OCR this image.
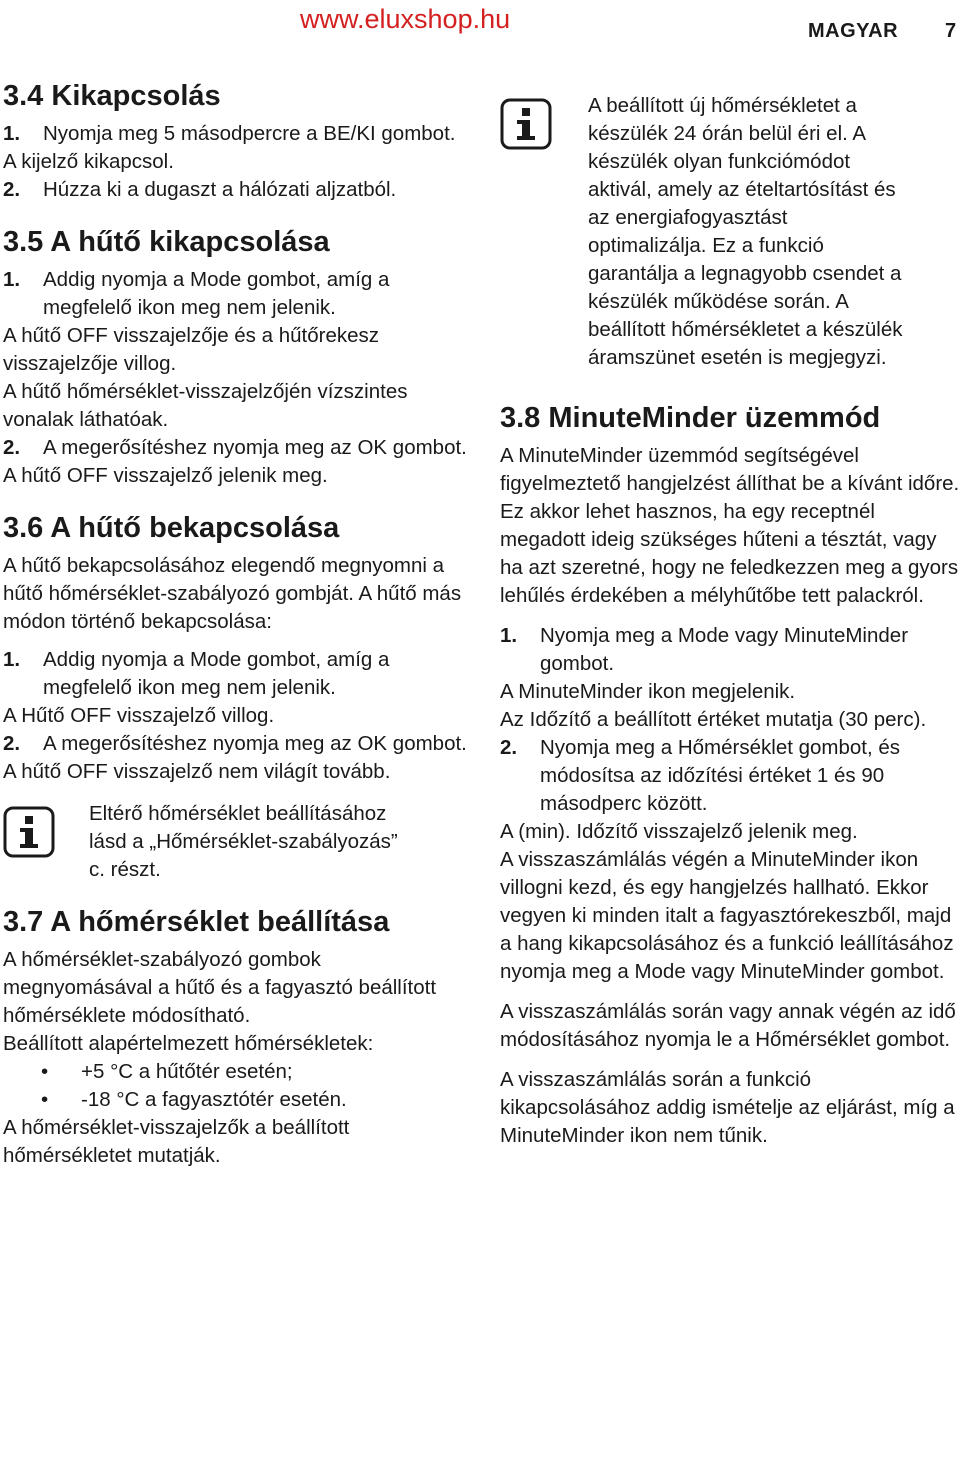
www.eluxshop.hu	MAGYAR 7
3.4 Kikapcsolás
1.	Nyomja meg 5 másodpercre a BE/KI gombot.

A kijelző kikapcsol.

2.	Húzza ki a dugaszt a hálózati aljzatból.
3.5 A hűtő kikapcsolása
1.	Addig nyomja a Mode gombot, amíg a megfelelő ikon meg nem jelenik.

A hűtő OFF visszajelzője és a hűtőrekesz visszajelzője villog.

A hűtő hőmérséklet-visszajelzőjén vízszintes vonalak láthatóak.

2.	A megerősítéshez nyomja meg az OK gombot.

A hűtő OFF visszajelző jelenik meg.

3.6 A hűtő bekapcsolása

A hűtő bekapcsolásához elegendő megnyomni a hűtő hőmérséklet-szabályozó gombját. A hűtő más módon történő bekapcsolása:

1.	Addig nyomja a Mode gombot, amíg a megfelelő ikon meg nem jelenik.

A Hűtő OFF visszajelző villog.

2.	A megerősítéshez nyomja meg az OK gombot.

A hűtő OFF visszajelző nem világít tovább.

Eltérő hőmérséklet beállításához lásd a „Hőmérséklet-szabályozás” c. részt.
3.7 A hőmérséklet beállítása

A hőmérséklet-szabályozó gombok megnyomásával a hűtő és a fagyasztó beállított hőmérséklete módosítható.

Beállított alapértelmezett hőmérsékletek:

•	+5 °C a hűtőtér esetén;
•	-18 °C a fagyasztótér esetén.

A hőmérséklet-visszajelzők a beállított hőmérsékletet mutatják.

A beállított új hőmérsékletet a készülék 24 órán belül éri el. A készülék olyan funkciómódot aktivál, amely az ételtartósítást és az energiafogyasztást optimalizálja. Ez a funkció garantálja a legnagyobb csendet a készülék működése során. A beállított hőmérsékletet a készülék áramszünet esetén is megjegyzi.
3.8 MinuteMinder üzemmód

A MinuteMinder üzemmód segítségével figyelmeztető hangjelzést állíthat be a kívánt időre. Ez akkor lehet hasznos, ha egy receptnél megadott ideig szükséges hűteni a tésztát, vagy ha azt szeretné, hogy ne feledkezzen meg a gyors lehűlés érdekében a mélyhűtőbe tett palackról.

1.	Nyomja meg a Mode vagy MinuteMinder gombot.

A MinuteMinder ikon megjelenik.

Az Időzítő a beállított értéket mutatja (30 perc).

2.	Nyomja meg a Hőmérséklet gombot, és módosítsa az időzítési értéket 1 és 90 másodperc között.

A (min). Időzítő visszajelző jelenik meg.

A visszaszámlálás végén a MinuteMinder ikon villogni kezd, és egy hangjelzés hallható. Ekkor vegyen ki minden italt a fagyasztórekeszből, majd a hang kikapcsolásához és a funkció leállításához nyomja meg a Mode vagy MinuteMinder gombot.

A visszaszámlálás során vagy annak végén az idő módosításához nyomja le a Hőmérséklet gombot.

A visszaszámlálás során a funkció kikapcsolásához addig ismételje az eljárást, míg a MinuteMinder ikon nem tűnik.
